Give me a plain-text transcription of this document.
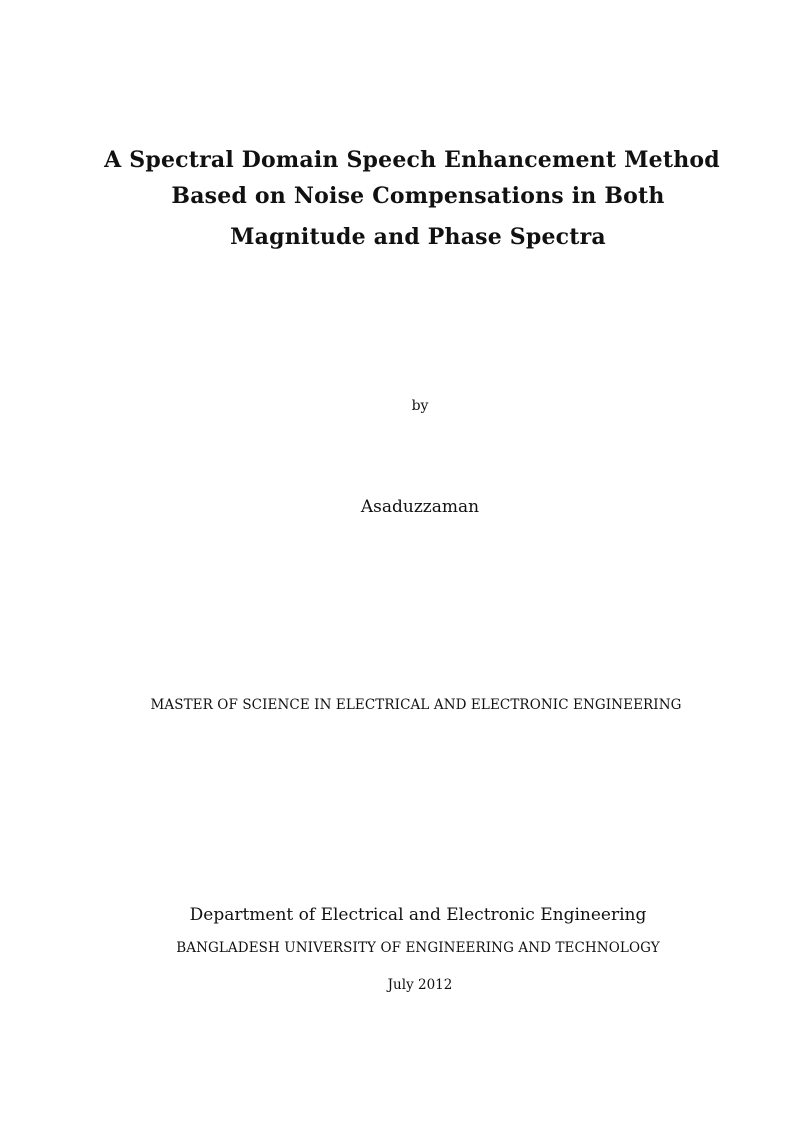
A Spectral Domain Speech Enhancement Method
Based on Noise Compensations in Both
Magnitude and Phase Spectra
by
Asaduzzaman
MASTER OF SCIENCE IN ELECTRICAL AND ELECTRONIC ENGINEERING
Department of Electrical and Electronic Engineering
BANGLADESH UNIVERSITY OF ENGINEERING AND TECHNOLOGY
July 2012
